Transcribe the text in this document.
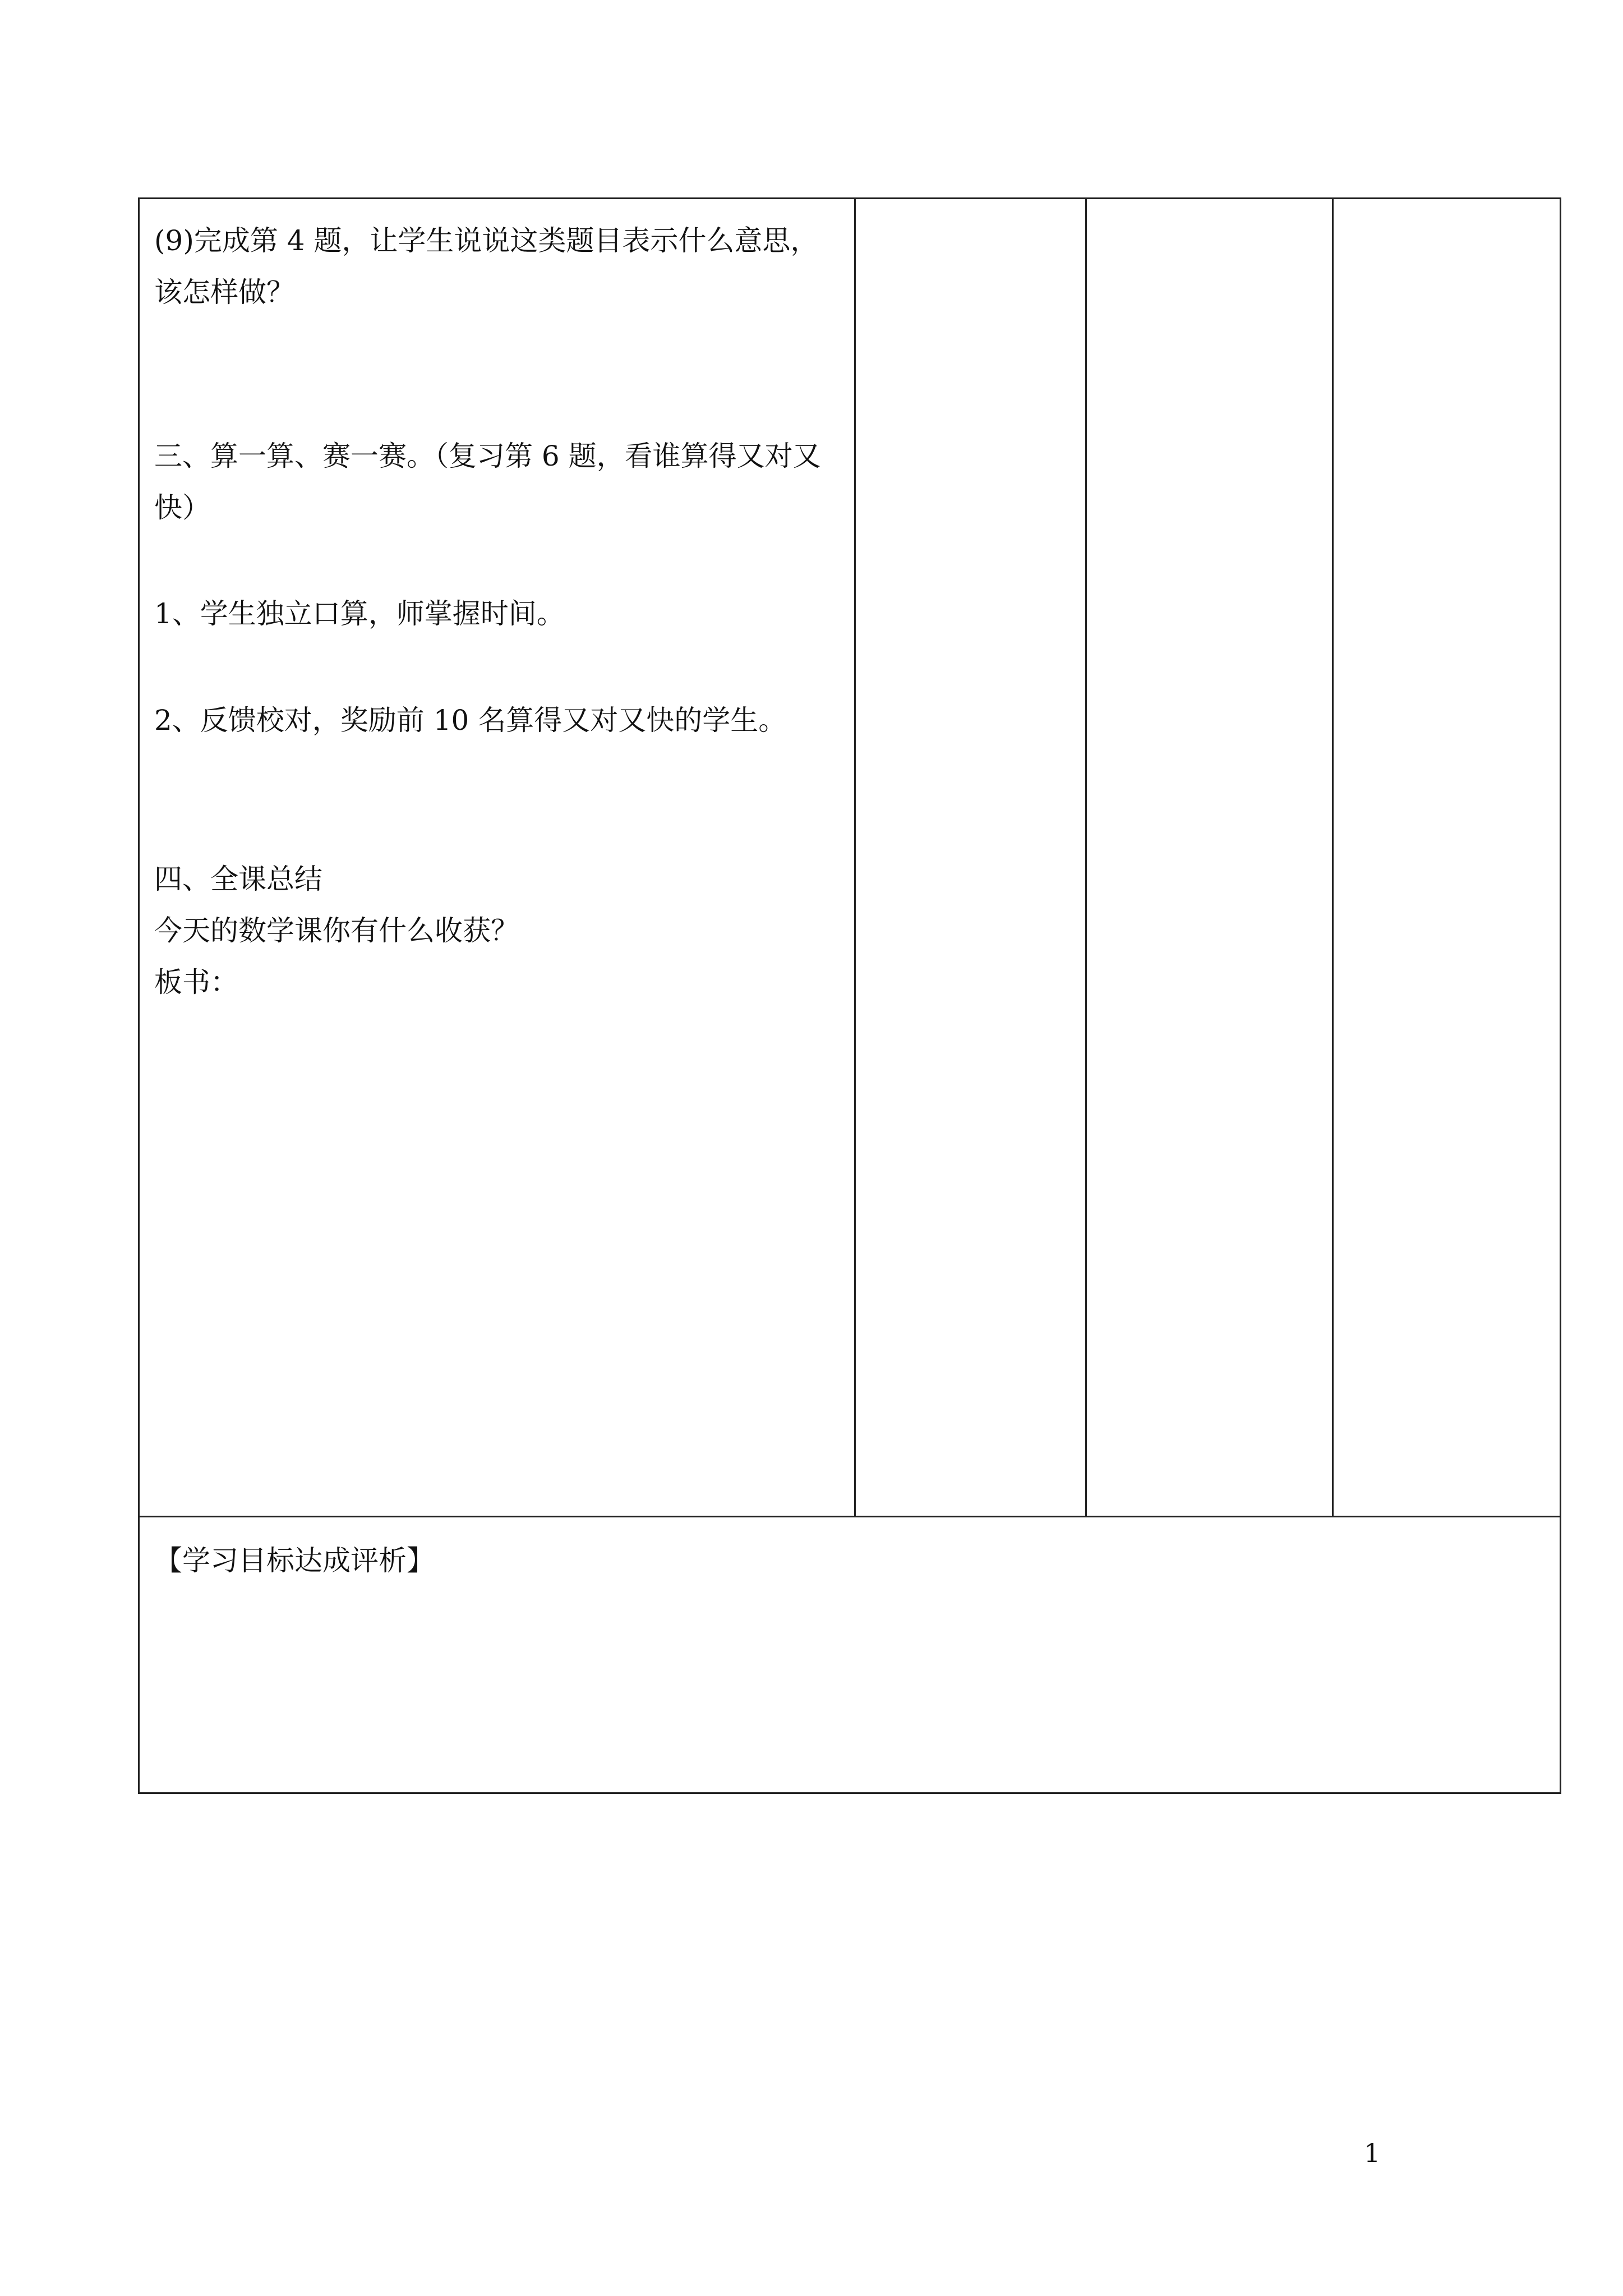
(9)完成第 4 题，让学生说说这类题目表示什么意思，

该怎样做？

三、算一算、赛一赛。（复习第 6 题，看谁算得又对又

快）

1、学生独立口算，师掌握时间。

2、反馈校对，奖励前 10 名算得又对又快的学生。

四、全课总结

今天的数学课你有什么收获？

板书：

【学习目标达成评析】

1
